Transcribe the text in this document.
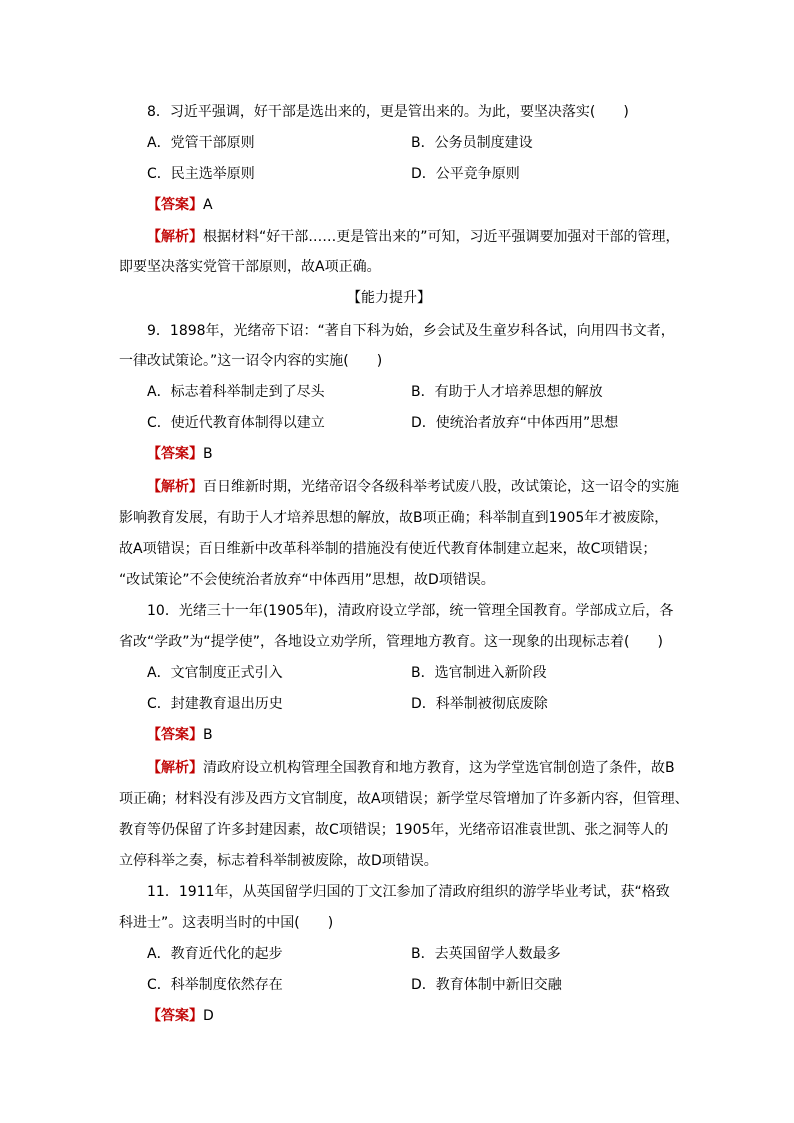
8．习近平强调，好干部是选出来的，更是管出来的。为此，要坚决落实(　　)
A．党管干部原则	B．公务员制度建设
C．民主选举原则	D．公平竞争原则
【答案】A
【解析】根据材料“好干部……更是管出来的”可知，习近平强调要加强对干部的管理，
即要坚决落实党管干部原则，故A项正确。
【能力提升】
9．1898年，光绪帝下诏：“著自下科为始，乡会试及生童岁科各试，向用四书文者，
一律改试策论。”这一诏令内容的实施(　　)
A．标志着科举制走到了尽头	B．有助于人才培养思想的解放
C．使近代教育体制得以建立	D．使统治者放弃“中体西用”思想
【答案】B
【解析】百日维新时期，光绪帝诏令各级科举考试废八股，改试策论，这一诏令的实施
影响教育发展，有助于人才培养思想的解放，故B项正确；科举制直到1905年才被废除，
故A项错误；百日维新中改革科举制的措施没有使近代教育体制建立起来，故C项错误；
“改试策论”不会使统治者放弃“中体西用”思想，故D项错误。
10．光绪三十一年(1905年)，清政府设立学部，统一管理全国教育。学部成立后，各
省改“学政”为“提学使”，各地设立劝学所，管理地方教育。这一现象的出现标志着(　　)
A．文官制度正式引入	B．选官制进入新阶段
C．封建教育退出历史	D．科举制被彻底废除
【答案】B
【解析】清政府设立机构管理全国教育和地方教育，这为学堂选官制创造了条件，故B
项正确；材料没有涉及西方文官制度，故A项错误；新学堂尽管增加了许多新内容，但管理、
教育等仍保留了许多封建因素，故C项错误；1905年，光绪帝诏准袁世凯、张之洞等人的
立停科举之奏，标志着科举制被废除，故D项错误。
11．1911年，从英国留学归国的丁文江参加了清政府组织的游学毕业考试，获“格致
科进士”。这表明当时的中国(　　)
A．教育近代化的起步	B．去英国留学人数最多
C．科举制度依然存在	D．教育体制中新旧交融
【答案】D
